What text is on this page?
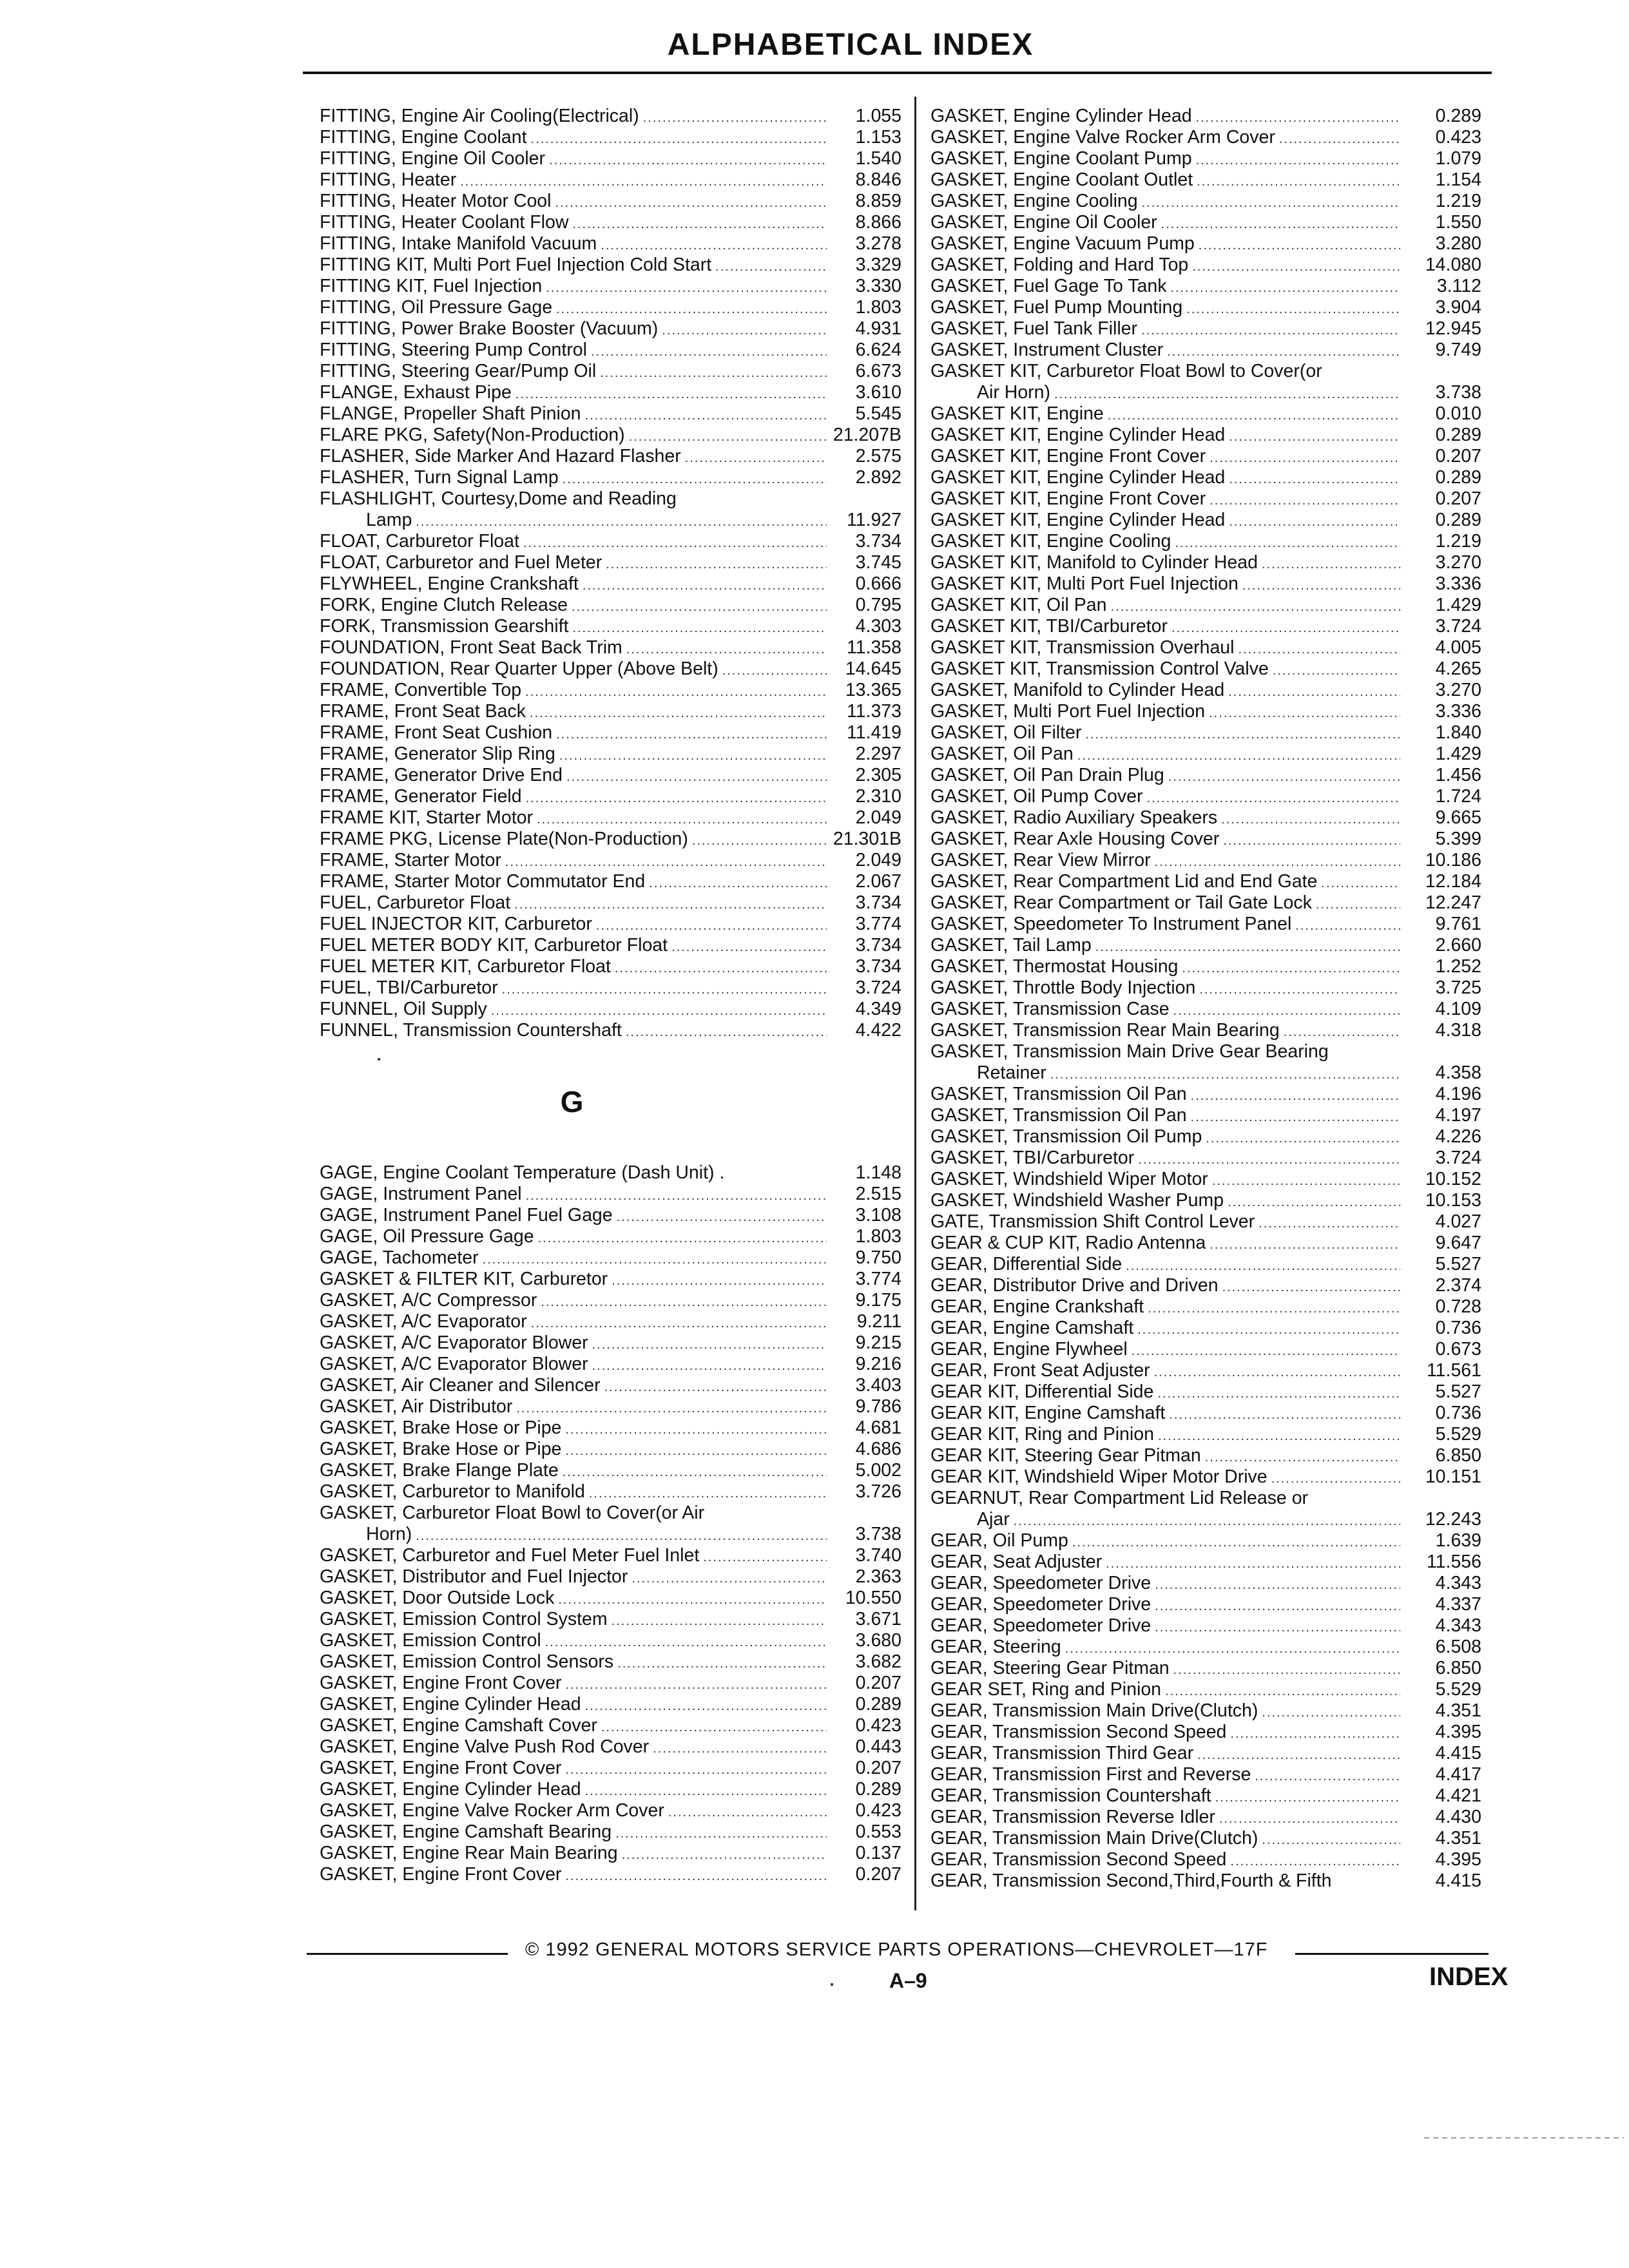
ALPHABETICAL INDEX
FITTING, Engine Air Cooling(Electrical) .....	1.055
FITTING, Engine Coolant .....	1.153
FITTING, Engine Oil Cooler .....	1.540
FITTING, Heater .....	8.846
FITTING, Heater Motor Cool .....	8.859
FITTING, Heater Coolant Flow .....	8.866
FITTING, Intake Manifold Vacuum .....	3.278
FITTING KIT, Multi Port Fuel Injection Cold Start .....	3.329
FITTING KIT, Fuel Injection .....	3.330
FITTING, Oil Pressure Gage .....	1.803
FITTING, Power Brake Booster (Vacuum) .....	4.931
FITTING, Steering Pump Control .....	6.624
FITTING, Steering Gear/Pump Oil .....	6.673
FLANGE, Exhaust Pipe .....	3.610
FLANGE, Propeller Shaft Pinion .....	5.545
FLARE PKG, Safety(Non-Production) .....	21.207B
FLASHER, Side Marker And Hazard Flasher .....	2.575
FLASHER, Turn Signal Lamp .....	2.892
FLASHLIGHT, Courtesy,Dome and Reading
Lamp .....	11.927
FLOAT, Carburetor Float .....	3.734
FLOAT, Carburetor and Fuel Meter .....	3.745
FLYWHEEL, Engine Crankshaft .....	0.666
FORK, Engine Clutch Release .....	0.795
FORK, Transmission Gearshift .....	4.303
FOUNDATION, Front Seat Back Trim .....	11.358
FOUNDATION, Rear Quarter Upper (Above Belt) .....	14.645
FRAME, Convertible Top .....	13.365
FRAME, Front Seat Back .....	11.373
FRAME, Front Seat Cushion .....	11.419
FRAME, Generator Slip Ring .....	2.297
FRAME, Generator Drive End .....	2.305
FRAME, Generator Field .....	2.310
FRAME KIT, Starter Motor .....	2.049
FRAME PKG, License Plate(Non-Production) .....	21.301B
FRAME, Starter Motor .....	2.049
FRAME, Starter Motor Commutator End .....	2.067
FUEL, Carburetor Float .....	3.734
FUEL INJECTOR KIT, Carburetor .....	3.774
FUEL METER BODY KIT, Carburetor Float .....	3.734
FUEL METER KIT, Carburetor Float .....	3.734
FUEL, TBI/Carburetor .....	3.724
FUNNEL, Oil Supply .....	4.349
FUNNEL, Transmission Countershaft .....	4.422
G
GAGE, Engine Coolant Temperature (Dash Unit) .	1.148
GAGE, Instrument Panel .....	2.515
GAGE, Instrument Panel Fuel Gage .....	3.108
GAGE, Oil Pressure Gage .....	1.803
GAGE, Tachometer .....	9.750
GASKET & FILTER KIT, Carburetor .....	3.774
GASKET, A/C Compressor .....	9.175
GASKET, A/C Evaporator .....	9.211
GASKET, A/C Evaporator Blower .....	9.215
GASKET, A/C Evaporator Blower .....	9.216
GASKET, Air Cleaner and Silencer .....	3.403
GASKET, Air Distributor .....	9.786
GASKET, Brake Hose or Pipe .....	4.681
GASKET, Brake Hose or Pipe .....	4.686
GASKET, Brake Flange Plate .....	5.002
GASKET, Carburetor to Manifold .....	3.726
GASKET, Carburetor Float Bowl to Cover(or Air
Horn) .....	3.738
GASKET, Carburetor and Fuel Meter Fuel Inlet .....	3.740
GASKET, Distributor and Fuel Injector .....	2.363
GASKET, Door Outside Lock .....	10.550
GASKET, Emission Control System .....	3.671
GASKET, Emission Control .....	3.680
GASKET, Emission Control Sensors .....	3.682
GASKET, Engine Front Cover .....	0.207
GASKET, Engine Cylinder Head .....	0.289
GASKET, Engine Camshaft Cover .....	0.423
GASKET, Engine Valve Push Rod Cover .....	0.443
GASKET, Engine Front Cover .....	0.207
GASKET, Engine Cylinder Head .....	0.289
GASKET, Engine Valve Rocker Arm Cover .....	0.423
GASKET, Engine Camshaft Bearing .....	0.553
GASKET, Engine Rear Main Bearing .....	0.137
GASKET, Engine Front Cover .....	0.207
GASKET, Engine Cylinder Head .....	0.289
GASKET, Engine Valve Rocker Arm Cover .....	0.423
GASKET, Engine Coolant Pump .....	1.079
GASKET, Engine Coolant Outlet .....	1.154
GASKET, Engine Cooling .....	1.219
GASKET, Engine Oil Cooler .....	1.550
GASKET, Engine Vacuum Pump .....	3.280
GASKET, Folding and Hard Top .....	14.080
GASKET, Fuel Gage To Tank .....	3.112
GASKET, Fuel Pump Mounting .....	3.904
GASKET, Fuel Tank Filler .....	12.945
GASKET, Instrument Cluster .....	9.749
GASKET KIT, Carburetor Float Bowl to Cover(or
Air Horn) .....	3.738
GASKET KIT, Engine .....	0.010
GASKET KIT, Engine Cylinder Head .....	0.289
GASKET KIT, Engine Front Cover .....	0.207
GASKET KIT, Engine Cylinder Head .....	0.289
GASKET KIT, Engine Front Cover .....	0.207
GASKET KIT, Engine Cylinder Head .....	0.289
GASKET KIT, Engine Cooling .....	1.219
GASKET KIT, Manifold to Cylinder Head .....	3.270
GASKET KIT, Multi Port Fuel Injection .....	3.336
GASKET KIT, Oil Pan .....	1.429
GASKET KIT, TBI/Carburetor .....	3.724
GASKET KIT, Transmission Overhaul .....	4.005
GASKET KIT, Transmission Control Valve .....	4.265
GASKET, Manifold to Cylinder Head .....	3.270
GASKET, Multi Port Fuel Injection .....	3.336
GASKET, Oil Filter .....	1.840
GASKET, Oil Pan .....	1.429
GASKET, Oil Pan Drain Plug .....	1.456
GASKET, Oil Pump Cover .....	1.724
GASKET, Radio Auxiliary Speakers .....	9.665
GASKET, Rear Axle Housing Cover .....	5.399
GASKET, Rear View Mirror .....	10.186
GASKET, Rear Compartment Lid and End Gate .....	12.184
GASKET, Rear Compartment or Tail Gate Lock .....	12.247
GASKET, Speedometer To Instrument Panel .....	9.761
GASKET, Tail Lamp .....	2.660
GASKET, Thermostat Housing .....	1.252
GASKET, Throttle Body Injection .....	3.725
GASKET, Transmission Case .....	4.109
GASKET, Transmission Rear Main Bearing .....	4.318
GASKET, Transmission Main Drive Gear Bearing
Retainer .....	4.358
GASKET, Transmission Oil Pan .....	4.196
GASKET, Transmission Oil Pan .....	4.197
GASKET, Transmission Oil Pump .....	4.226
GASKET, TBI/Carburetor .....	3.724
GASKET, Windshield Wiper Motor .....	10.152
GASKET, Windshield Washer Pump .....	10.153
GATE, Transmission Shift Control Lever .....	4.027
GEAR & CUP KIT, Radio Antenna .....	9.647
GEAR, Differential Side .....	5.527
GEAR, Distributor Drive and Driven .....	2.374
GEAR, Engine Crankshaft .....	0.728
GEAR, Engine Camshaft .....	0.736
GEAR, Engine Flywheel .....	0.673
GEAR, Front Seat Adjuster .....	11.561
GEAR KIT, Differential Side .....	5.527
GEAR KIT, Engine Camshaft .....	0.736
GEAR KIT, Ring and Pinion .....	5.529
GEAR KIT, Steering Gear Pitman .....	6.850
GEAR KIT, Windshield Wiper Motor Drive .....	10.151
GEARNUT, Rear Compartment Lid Release or
Ajar .....	12.243
GEAR, Oil Pump .....	1.639
GEAR, Seat Adjuster .....	11.556
GEAR, Speedometer Drive .....	4.343
GEAR, Speedometer Drive .....	4.337
GEAR, Speedometer Drive .....	4.343
GEAR, Steering .....	6.508
GEAR, Steering Gear Pitman .....	6.850
GEAR SET, Ring and Pinion .....	5.529
GEAR, Transmission Main Drive(Clutch) .....	4.351
GEAR, Transmission Second Speed .....	4.395
GEAR, Transmission Third Gear .....	4.415
GEAR, Transmission First and Reverse .....	4.417
GEAR, Transmission Countershaft .....	4.421
GEAR, Transmission Reverse Idler .....	4.430
GEAR, Transmission Main Drive(Clutch) .....	4.351
GEAR, Transmission Second Speed .....	4.395
GEAR, Transmission Second,Third,Fourth & Fifth	4.415
© 1992 GENERAL MOTORS SERVICE PARTS OPERATIONS—CHEVROLET—17F
A–9	INDEX
